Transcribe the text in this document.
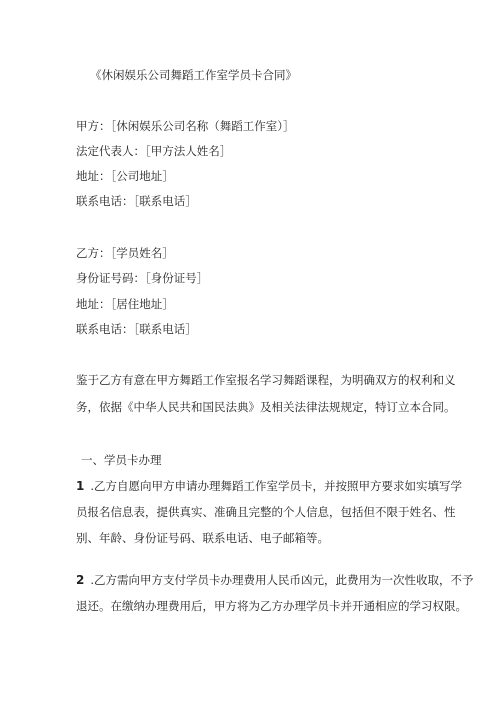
《休闲娱乐公司舞蹈工作室学员卡合同》
甲方：［休闲娱乐公司名称（舞蹈工作室）］
法定代表人：［甲方法人姓名］
地址：［公司地址］
联系电话：［联系电话］
乙方：［学员姓名］
身份证号码：［身份证号］
地址：［居住地址］
联系电话：［联系电话］
鉴于乙方有意在甲方舞蹈工作室报名学习舞蹈课程，为明确双方的权利和义
务，依据《中华人民共和国民法典》及相关法律法规规定，特订立本合同。
一、学员卡办理
1 .乙方自愿向甲方申请办理舞蹈工作室学员卡，并按照甲方要求如实填写学
员报名信息表，提供真实、准确且完整的个人信息，包括但不限于姓名、性
别、年龄、身份证号码、联系电话、电子邮箱等。
2 .乙方需向甲方支付学员卡办理费用人民币凶元，此费用为一次性收取，不予
退还。在缴纳办理费用后，甲方将为乙方办理学员卡并开通相应的学习权限。
